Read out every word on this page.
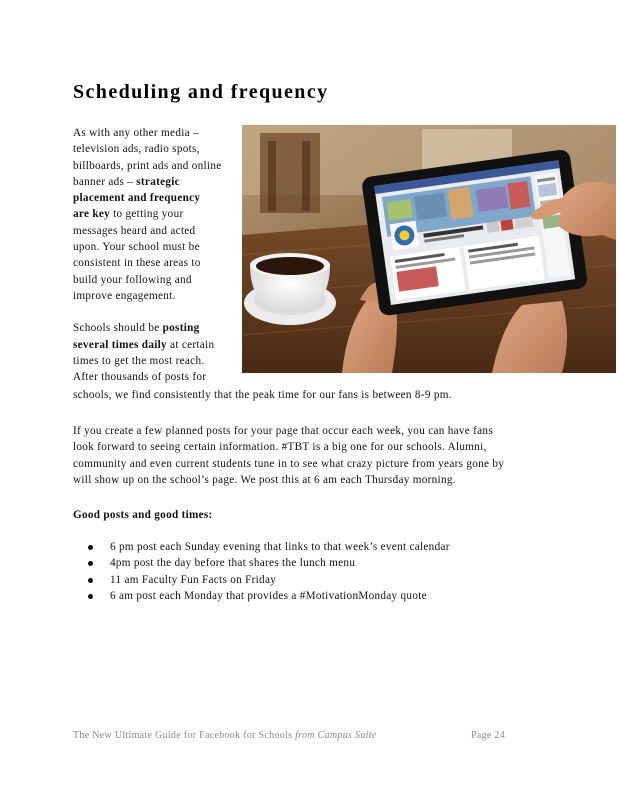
Scheduling and frequency

As with any other media –
television ads, radio spots,
billboards, print ads and online
banner ads – strategic
placement and frequency
are key to getting your
messages heard and acted
upon. Your school must be
consistent in these areas to
build your following and
improve engagement.

Schools should be posting
several times daily at certain
times to get the most reach.
After thousands of posts for

schools, we find consistently that the peak time for our fans is between 8-9 pm.

If you create a few planned posts for your page that occur each week, you can have fans
look forward to seeing certain information. #TBT is a big one for our schools. Alumni,
community and even current students tune in to see what crazy picture from years gone by
will show up on the school’s page. We post this at 6 am each Thursday morning.

Good posts and good times:

6 pm post each Sunday evening that links to that week’s event calendar
4pm post the day before that shares the lunch menu
11 am Faculty Fun Facts on Friday
6 am post each Monday that provides a #MotivationMonday quote
The New Ultimate Guide for Facebook for Schools from Campus Suite	Page 24
